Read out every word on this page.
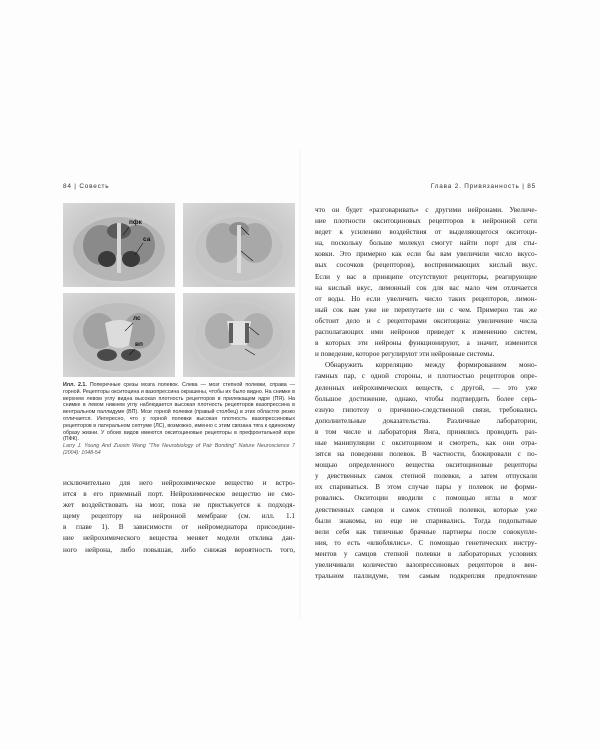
84 | Совесть
пфк
са
лс
вп
Илл. 2.1. Поперечные срезы мозга полевок. Слева — мозг степной полевки, справа — горной. Рецепторы окситоцина и вазопрессина окрашены, чтобы их было видно. На снимке в верхнем левом углу видна высокая плотность рецепторов в прилежащем ядре (ПЯ). На снимке в левом нижнем углу наблюдается высокая плотность рецепторов вазопрессина в вентральном паллидуме (ВП). Мозг горной полевки (правый столбец) в этих областях резко отличается. Интересно, что у горной полевки высокая плотность вазопрессиновых рецепторов в латеральном септуме (ЛС), возможно, именно с этим связана тяга к одинокому образу жизни. У обоих видов имеются окситоциновые рецепторы в префронтальной коре (ПФК).
Larry J. Young And Zuoxin Wang "The Neurobiology of Pair Bonding" Nature Neuroscience 7 (2004): 1048-54
исключительно для него нейрохимическое вещество и встро-
ится в его приемный порт. Нейрохимическое вещество не смо-
жет воздействовать на мозг, пока не пристыкуется к подходя-
щему рецептору на нейронной мембране (см. илл. 1.1
в главе 1). В зависимости от нейромедиатора присоедине-
ние нейрохимического вещества меняет модели отклика дан-
ного нейрона, либо повышая, либо снижая вероятность того,
Глава 2. Привязанность | 85
что он будет «разговаривать» с другими нейронами. Увеличе-
ние плотности окситоциновых рецепторов в нейронной сети
ведет к усилению воздействия от выделяющегося окситоци-
на, поскольку больше молекул смогут найти порт для сты-
ковки. Это примерно как если бы вам увеличили число вкусо-
вых сосочков (рецепторов), воспринимающих кислый вкус.
Если у вас в принципе отсутствуют рецепторы, реагирующие
на кислый вкус, лимонный сок для вас мало чем отличается
от воды. Но если увеличить число таких рецепторов, лимон-
ный сок вам уже не перепутаете ни с чем. Примерно так же
обстоит дело и с рецепторами окситоцина: увеличение числа
располагающих ими нейронов приведет к изменению систем,
в которых эти нейроны функционируют, а значит, изменится
и поведение, которое регулируют эти нейронные системы.
Обнаружить корреляцию между формированием моно-
гамных пар, с одной стороны, и плотностью рецепторов опре-
деленных нейрохимических веществ, с другой, — это уже
большое достижение, однако, чтобы подтвердить более серь-
езную гипотезу о причинно-следственной связи, требовались
дополнительные доказательства. Различные лаборатории,
в том числе и лаборатория Янга, принялись проводить раз-
ные манипуляции с окситоцином и смотреть, как они отра-
зятся на поведении полевок. В частности, блокировали с по-
мощью определенного вещества окситоциновые рецепторы
у девственных самок степной полевки, а затем отпускали
их спариваться. В этом случае пары у полевок не форми-
ровались. Окситоцин вводили с помощью иглы в мозг
девственных самцов и самок степной полевки, которые уже
были знакомы, но еще не спаривались. Тогда подопытные
вели себя как типичные брачные партнеры после совокупле-
ния, то есть «влюблялись». С помощью генетических инстру-
ментов у самцов степной полевки в лабораторных условиях
увеличивали количество вазопрессиновых рецепторов в вен-
тральном паллидуме, тем самым подкрепляя предпочтение
